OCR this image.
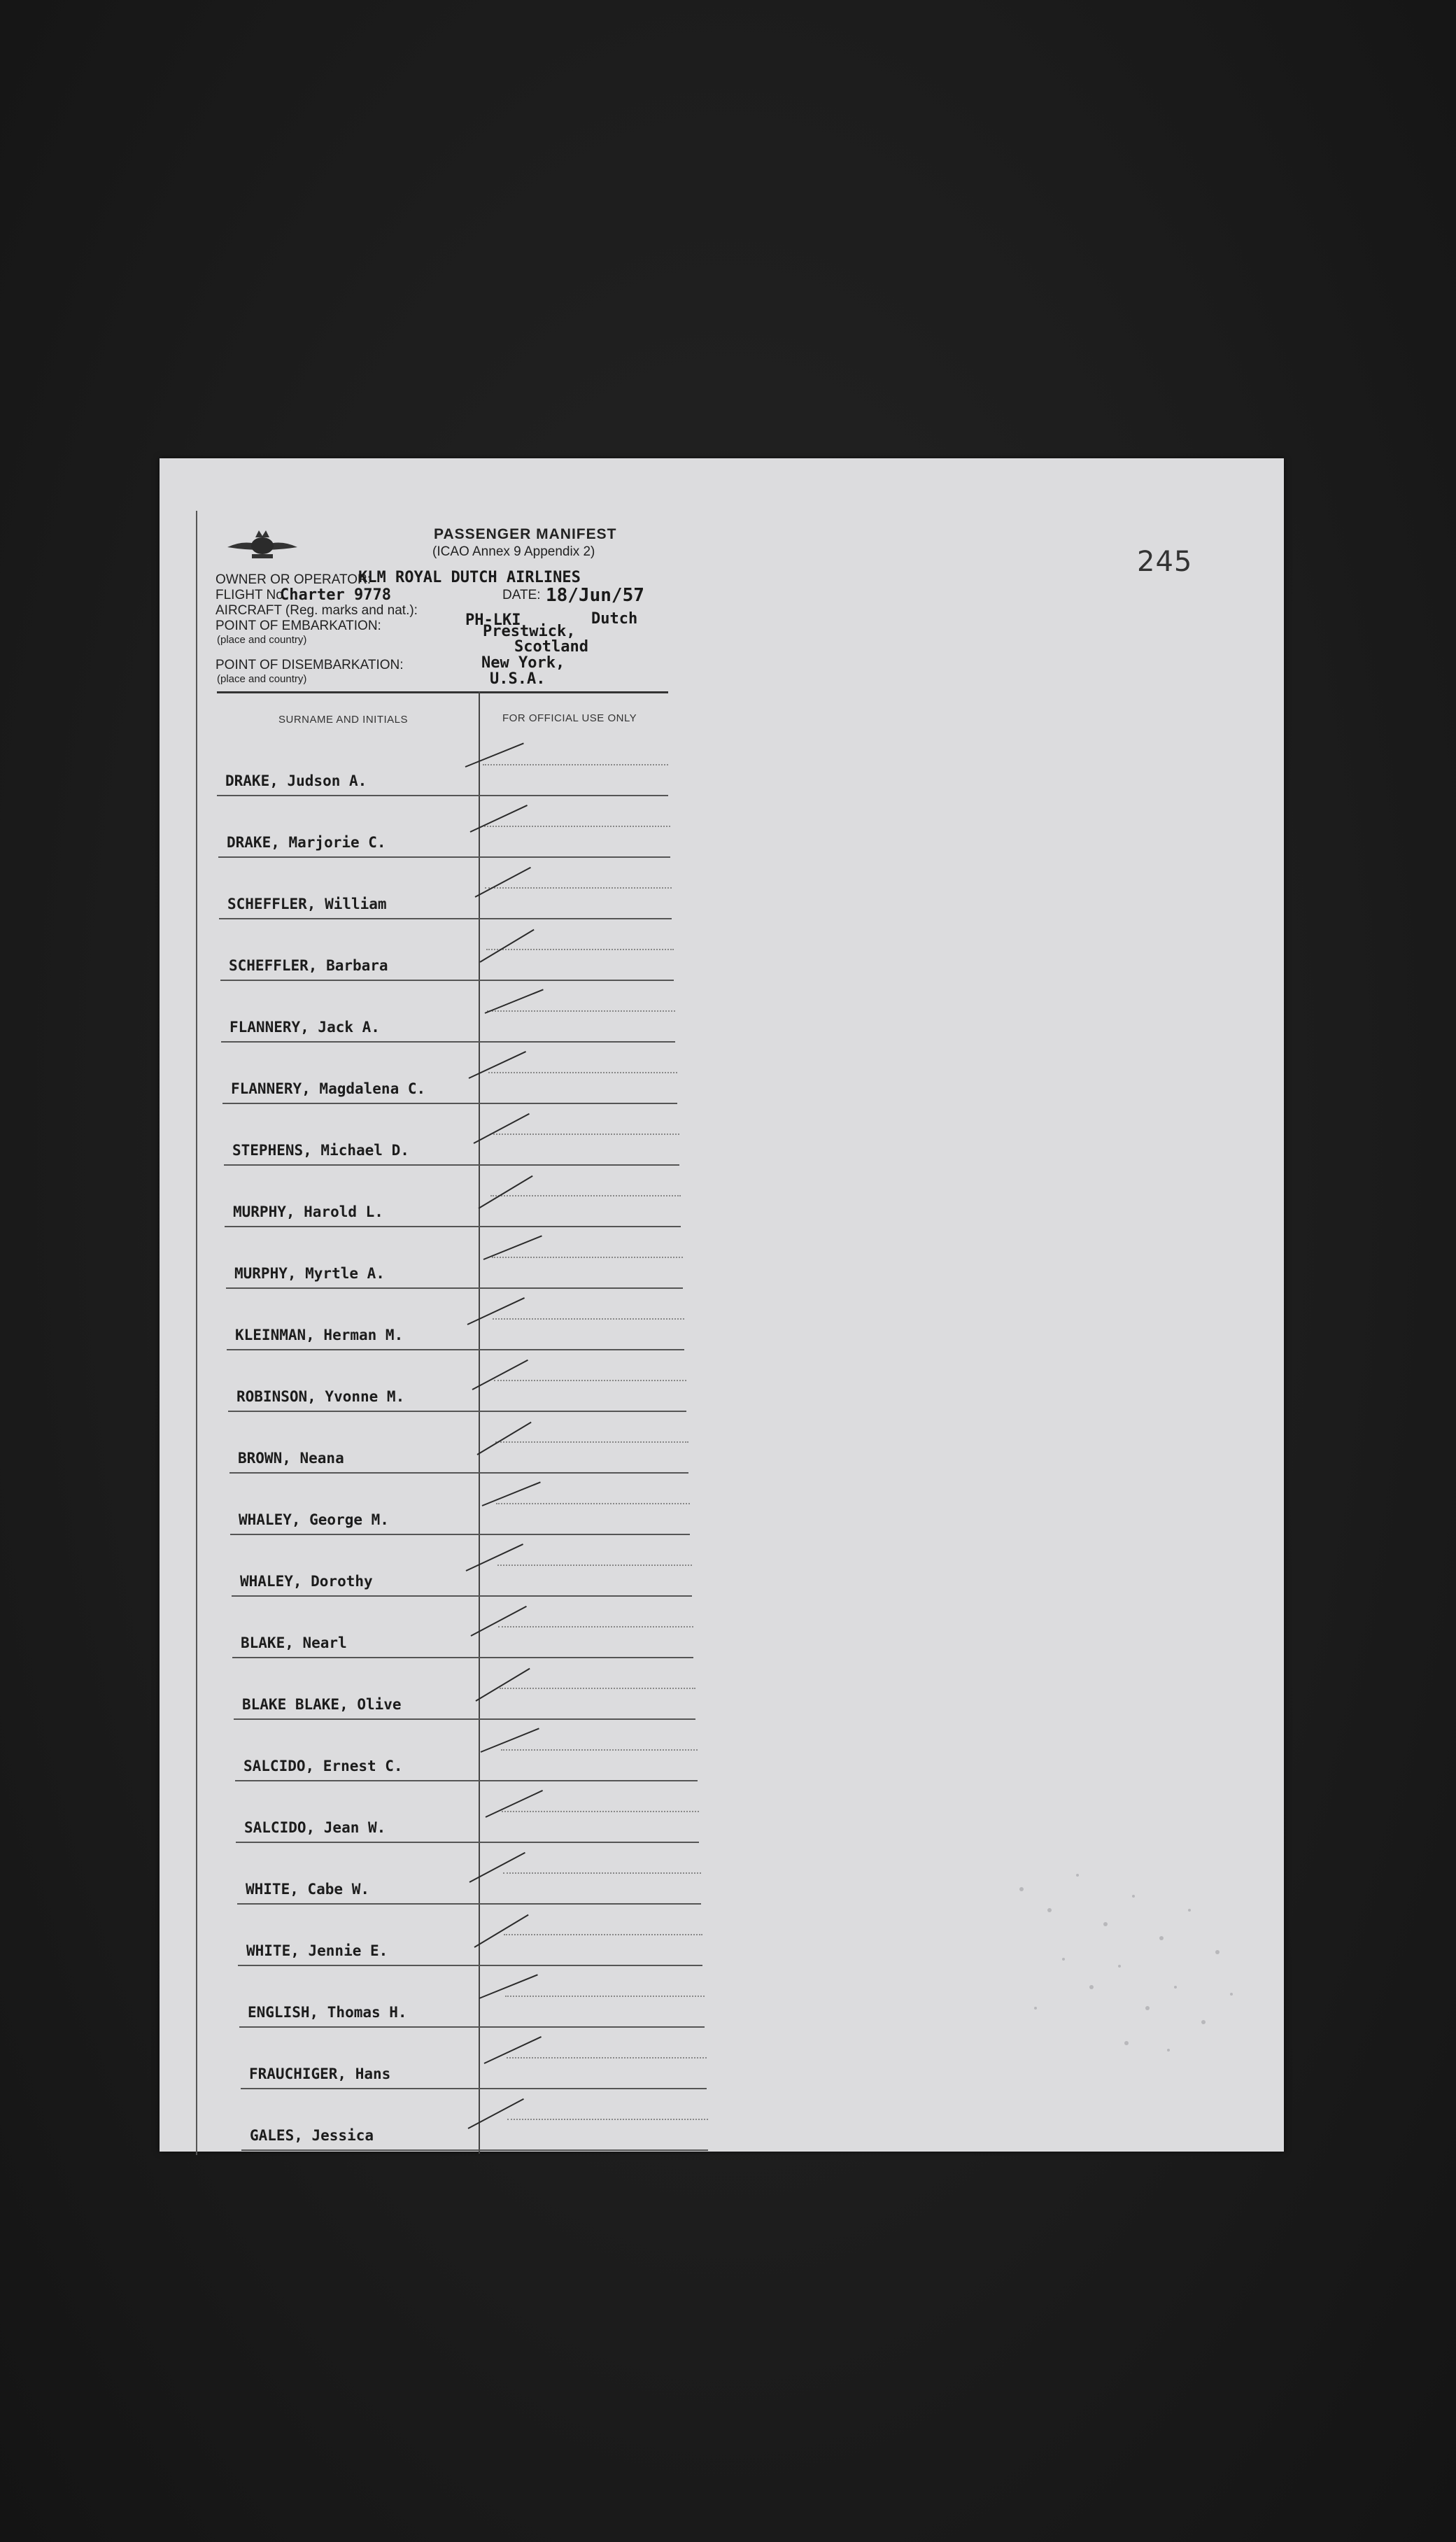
245
PASSENGER MANIFEST
(ICAO Annex 9 Appendix 2)
OWNER OR OPERATOR:
KLM ROYAL DUTCH AIRLINES
FLIGHT No
Charter 9778	DATE: 18/Jun/57
AIRCRAFT (Reg. marks and nat.):
PH-LKI	Dutch
POINT OF EMBARKATION:
(place and country)	Prestwick,
Scotland
POINT OF DISEMBARKATION:
(place and country)
New York,
U.S.A.
SURNAME AND INITIALS	FOR OFFICIAL USE ONLY
DRAKE, Judson A.
DRAKE, Marjorie C.
SCHEFFLER, William
SCHEFFLER, Barbara
FLANNERY, Jack A.
FLANNERY, Magdalena C.
STEPHENS, Michael D.
MURPHY, Harold L.
MURPHY, Myrtle A.
KLEINMAN, Herman M.
ROBINSON, Yvonne M.
BROWN, Neana
WHALEY, George M.
WHALEY, Dorothy
BLAKE, Nearl
BLAKE BLAKE, Olive
SALCIDO, Ernest C.
SALCIDO, Jean W.
WHITE, Cabe W.
WHITE, Jennie E.
ENGLISH, Thomas H.
FRAUCHIGER, Hans
GALES, Jessica
